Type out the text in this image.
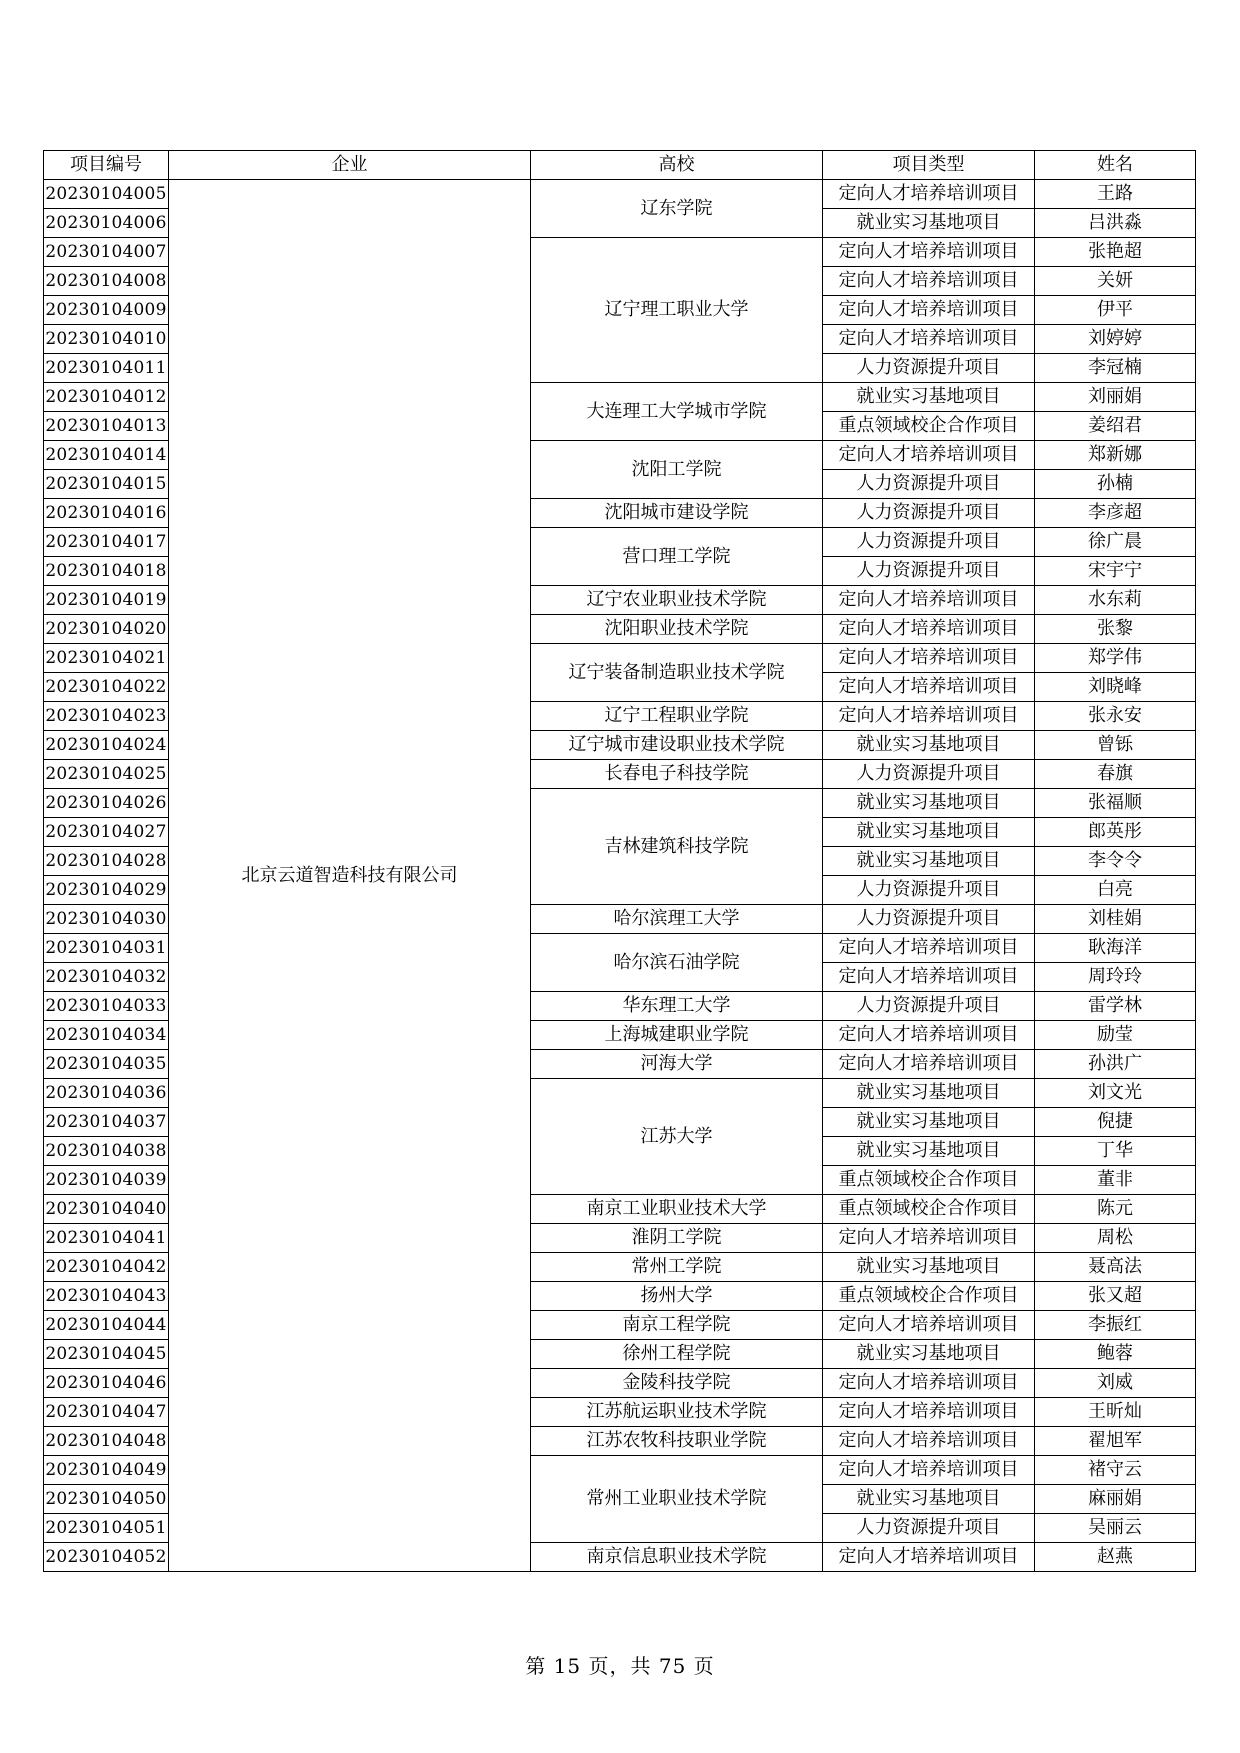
项目编号	企业	高校	项目类型	姓名
20230104005	北京云道智造科技有限公司	辽东学院	定向人才培养培训项目	王路
20230104006			就业实习基地项目	吕洪淼
20230104007		辽宁理工职业大学	定向人才培养培训项目	张艳超
20230104008			定向人才培养培训项目	关妍
20230104009			定向人才培养培训项目	伊平
20230104010			定向人才培养培训项目	刘婷婷
20230104011			人力资源提升项目	李冠楠
20230104012		大连理工大学城市学院	就业实习基地项目	刘丽娟
20230104013			重点领域校企合作项目	姜绍君
20230104014		沈阳工学院	定向人才培养培训项目	郑新娜
20230104015			人力资源提升项目	孙楠
20230104016		沈阳城市建设学院	人力资源提升项目	李彦超
20230104017		营口理工学院	人力资源提升项目	徐广晨
20230104018			人力资源提升项目	宋宇宁
20230104019		辽宁农业职业技术学院	定向人才培养培训项目	水东莉
20230104020		沈阳职业技术学院	定向人才培养培训项目	张黎
20230104021		辽宁装备制造职业技术学院	定向人才培养培训项目	郑学伟
20230104022			定向人才培养培训项目	刘晓峰
20230104023		辽宁工程职业学院	定向人才培养培训项目	张永安
20230104024		辽宁城市建设职业技术学院	就业实习基地项目	曾铄
20230104025		长春电子科技学院	人力资源提升项目	春旗
20230104026		吉林建筑科技学院	就业实习基地项目	张福顺
20230104027			就业实习基地项目	郎英彤
20230104028			就业实习基地项目	李令令
20230104029			人力资源提升项目	白亮
20230104030		哈尔滨理工大学	人力资源提升项目	刘桂娟
20230104031		哈尔滨石油学院	定向人才培养培训项目	耿海洋
20230104032			定向人才培养培训项目	周玲玲
20230104033		华东理工大学	人力资源提升项目	雷学林
20230104034		上海城建职业学院	定向人才培养培训项目	励莹
20230104035		河海大学	定向人才培养培训项目	孙洪广
20230104036		江苏大学	就业实习基地项目	刘文光
20230104037			就业实习基地项目	倪捷
20230104038			就业实习基地项目	丁华
20230104039			重点领域校企合作项目	董非
20230104040		南京工业职业技术大学	重点领域校企合作项目	陈元
20230104041		淮阴工学院	定向人才培养培训项目	周松
20230104042		常州工学院	就业实习基地项目	聂高法
20230104043		扬州大学	重点领域校企合作项目	张又超
20230104044		南京工程学院	定向人才培养培训项目	李振红
20230104045		徐州工程学院	就业实习基地项目	鲍蓉
20230104046		金陵科技学院	定向人才培养培训项目	刘威
20230104047		江苏航运职业技术学院	定向人才培养培训项目	王昕灿
20230104048		江苏农牧科技职业学院	定向人才培养培训项目	翟旭军
20230104049		常州工业职业技术学院	定向人才培养培训项目	褚守云
20230104050			就业实习基地项目	麻丽娟
20230104051			人力资源提升项目	吴丽云
20230104052		南京信息职业技术学院	定向人才培养培训项目	赵燕
第 15 页，共 75 页
